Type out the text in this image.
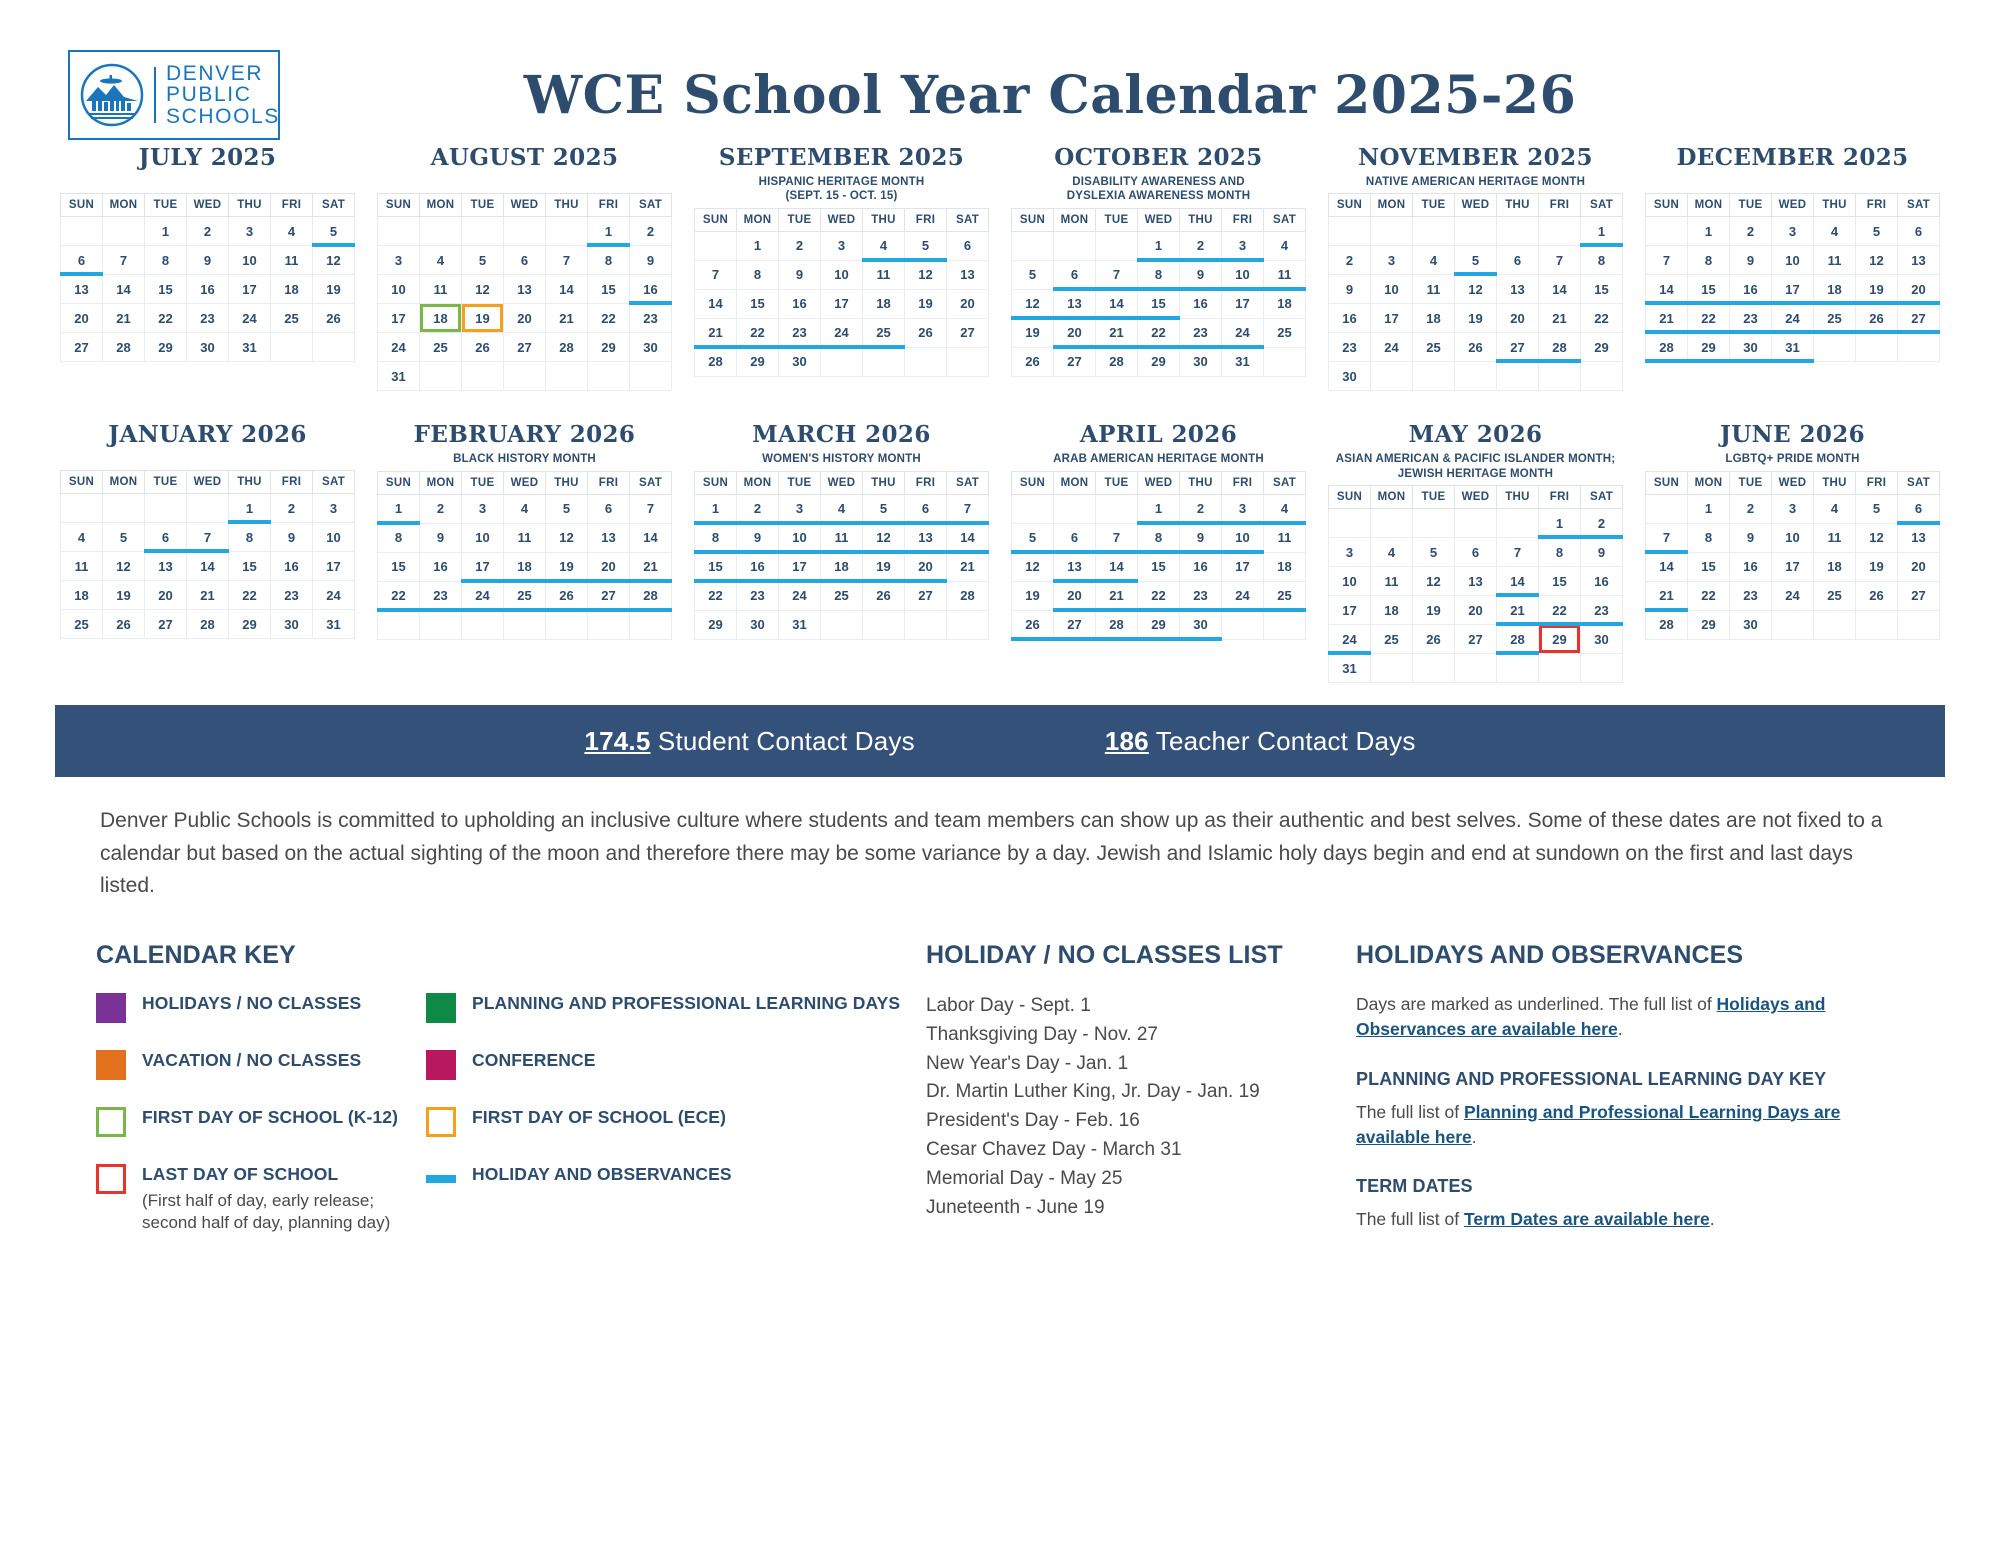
DENVER
PUBLIC
SCHOOLS	WCE School Year Calendar 2025-26
JULY 2025
SUN	MON	TUE	WED	THU	FRI	SAT
		1	2	3	4	5
6	7	8	9	10	11	12
13	14	15	16	17	18	19
20	21	22	23	24	25	26
27	28	29	30	31		
AUGUST 2025
SUN	MON	TUE	WED	THU	FRI	SAT
					1	2
3	4	5	6	7	8	9
10	11	12	13	14	15	16
17	18	19	20	21	22	23
24	25	26	27	28	29	30
31						
SEPTEMBER 2025
HISPANIC HERITAGE MONTH
(SEPT. 15 - OCT. 15)
SUN	MON	TUE	WED	THU	FRI	SAT
	1	2	3	4	5	6
7	8	9	10	11	12	13
14	15	16	17	18	19	20
21	22	23	24	25	26	27
28	29	30				
OCTOBER 2025
DISABILITY AWARENESS AND
DYSLEXIA AWARENESS MONTH
SUN	MON	TUE	WED	THU	FRI	SAT
			1	2	3	4
5	6	7	8	9	10	11
12	13	14	15	16	17	18
19	20	21	22	23	24	25
26	27	28	29	30	31	
NOVEMBER 2025
NATIVE AMERICAN HERITAGE MONTH
SUN	MON	TUE	WED	THU	FRI	SAT
						1
2	3	4	5	6	7	8
9	10	11	12	13	14	15
16	17	18	19	20	21	22
23	24	25	26	27	28	29
30						
DECEMBER 2025
SUN	MON	TUE	WED	THU	FRI	SAT
	1	2	3	4	5	6
7	8	9	10	11	12	13
14	15	16	17	18	19	20
21	22	23	24	25	26	27
28	29	30	31			
JANUARY 2026
SUN	MON	TUE	WED	THU	FRI	SAT
				1	2	3
4	5	6	7	8	9	10
11	12	13	14	15	16	17
18	19	20	21	22	23	24
25	26	27	28	29	30	31
FEBRUARY 2026
BLACK HISTORY MONTH
SUN	MON	TUE	WED	THU	FRI	SAT
1	2	3	4	5	6	7
8	9	10	11	12	13	14
15	16	17	18	19	20	21
22	23	24	25	26	27	28

MARCH 2026
WOMEN'S HISTORY MONTH
SUN	MON	TUE	WED	THU	FRI	SAT
1	2	3	4	5	6	7
8	9	10	11	12	13	14
15	16	17	18	19	20	21
22	23	24	25	26	27	28
29	30	31				
APRIL 2026
ARAB AMERICAN HERITAGE MONTH
SUN	MON	TUE	WED	THU	FRI	SAT
			1	2	3	4
5	6	7	8	9	10	11
12	13	14	15	16	17	18
19	20	21	22	23	24	25
26	27	28	29	30		
MAY 2026
ASIAN AMERICAN & PACIFIC ISLANDER MONTH;
JEWISH HERITAGE MONTH
SUN	MON	TUE	WED	THU	FRI	SAT
					1	2
3	4	5	6	7	8	9
10	11	12	13	14	15	16
17	18	19	20	21	22	23
24	25	26	27	28	29	30
31						
JUNE 2026
LGBTQ+ PRIDE MONTH
SUN	MON	TUE	WED	THU	FRI	SAT
	1	2	3	4	5	6
7	8	9	10	11	12	13
14	15	16	17	18	19	20
21	22	23	24	25	26	27
28	29	30				
174.5 Student Contact Days	186 Teacher Contact Days
Denver Public Schools is committed to upholding an inclusive culture where students and team members can show up as their authentic and best selves. Some of these dates are not fixed to a calendar but based on the actual sighting of the moon and therefore there may be some variance by a day. Jewish and Islamic holy days begin and end at sundown on the first and last days listed.
CALENDAR KEY
HOLIDAYS / NO CLASSES	PLANNING AND PROFESSIONAL LEARNING DAYS
VACATION / NO CLASSES	CONFERENCE
FIRST DAY OF SCHOOL (K-12)	FIRST DAY OF SCHOOL (ECE)
LAST DAY OF SCHOOL
(First half of day, early release; second half of day, planning day)
HOLIDAY AND OBSERVANCES
HOLIDAY / NO CLASSES LIST
Labor Day - Sept. 1
Thanksgiving Day - Nov. 27
New Year's Day - Jan. 1
Dr. Martin Luther King, Jr. Day - Jan. 19
President's Day - Feb. 16
Cesar Chavez Day - March 31
Memorial Day - May 25
Juneteenth - June 19
HOLIDAYS AND OBSERVANCES
Days are marked as underlined. The full list of Holidays and Observances are available here.
PLANNING AND PROFESSIONAL LEARNING DAY KEY
The full list of Planning and Professional Learning Days are available here.
TERM DATES
The full list of Term Dates are available here.
